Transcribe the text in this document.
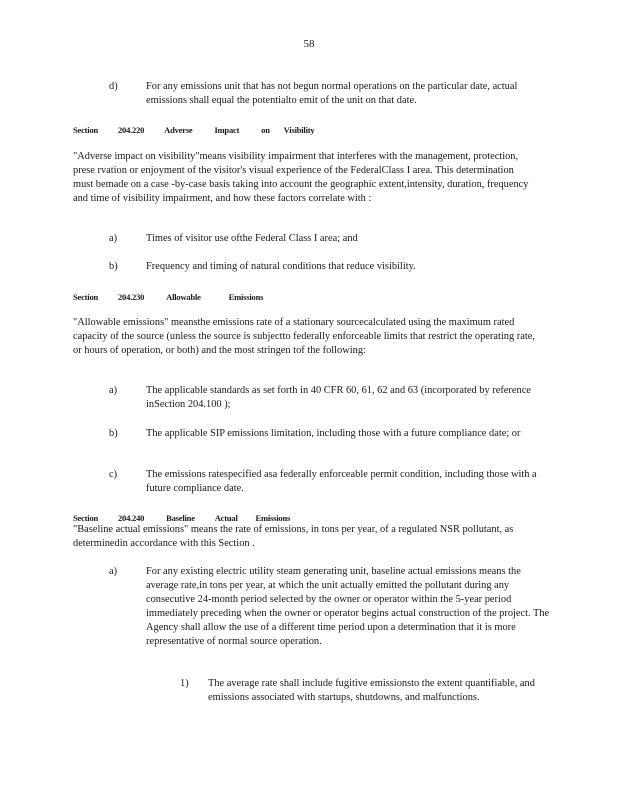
58
d)	For any emissions unit that has not begun normal operations on the particular date, actual emissions shall equal the potentialto emit of the unit on that date.
Section 204.220 Adverse	Impact	on Visibility
"Adverse impact on visibility"means visibility impairment that interferes with the management, protection, prese rvation or enjoyment of the visitor's visual experience of the FederalClass I area. This determination must bemade on a case -by-case basis taking into account the geographic extent,intensity, duration, frequency and time of visibility impairment, and how these factors correlate with :
a)	Times of visitor use ofthe Federal Class I area; and
b)	Frequency and timing of natural conditions that reduce visibility.
Section 204.230	Allowable	Emissions
"Allowable emissions" meansthe emissions rate of a stationary sourcecalculated using the maximum rated capacity of the source (unless the source is subjectto federally enforceable limits that restrict the operating rate, or hours of operation, or both) and the most stringen tof the following:
a)	The applicable standards as set forth in 40 CFR 60, 61, 62 and 63 (incorporated by reference inSection 204.100 );
b)	The applicable SIP emissions limitation, including those with a future compliance date; or
c)	The emissions ratespecified asa federally enforceable permit condition, including those with a future compliance date.
Section 204.240	Baseline Actual Emissions
"Baseline actual emissions" means the rate of emissions, in tons per year, of a regulated NSR pollutant, as determinedin accordance with this Section .
a)	For any existing electric utility steam generating unit, baseline actual emissions means the average rate,in tons per year, at which the unit actually emitted the pollutant during any consecutive 24-month period selected by the owner or operator within the 5-year period immediately preceding when the owner or operator begins actual construction of the project. The Agency shall allow the use of a different time period upon a determination that it is more representative of normal source operation.
1) The average rate shall include fugitive emissionsto the extent quantifiable, and emissions associated with startups, shutdowns, and malfunctions.
